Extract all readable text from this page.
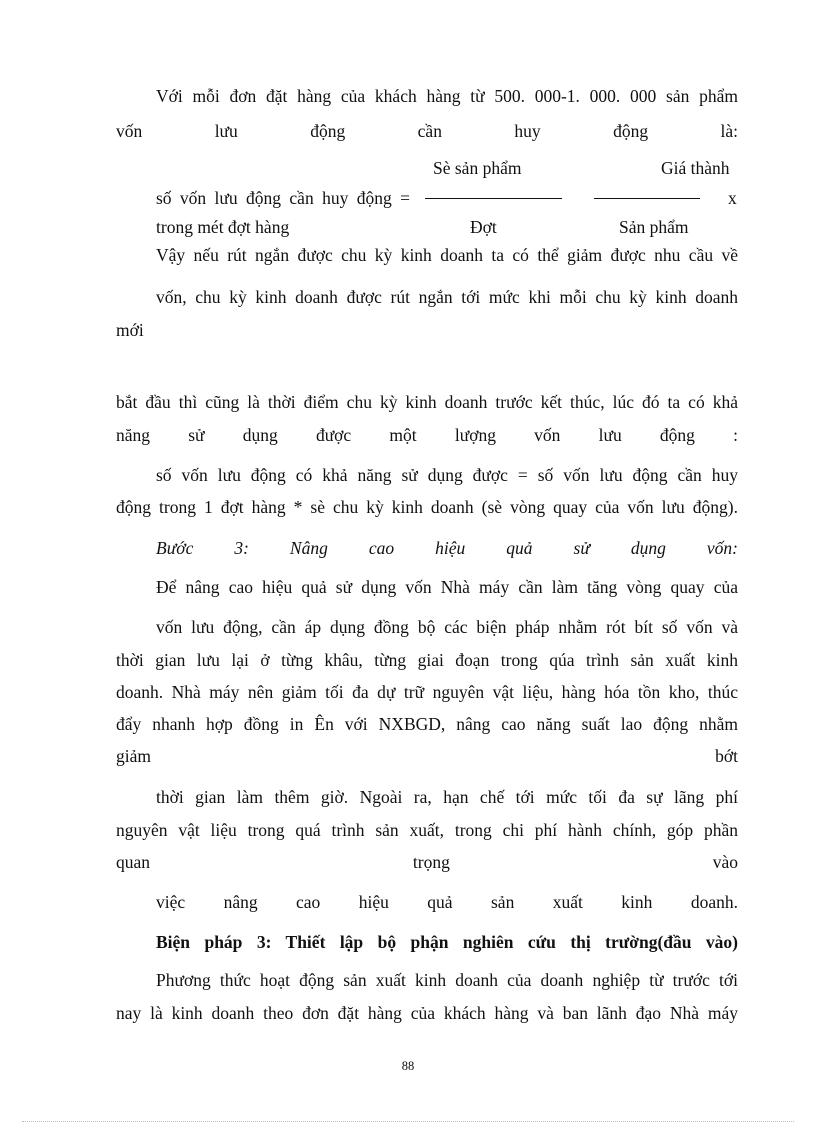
Với mỗi đơn đặt hàng của khách hàng từ 500. 000-1. 000. 000 sản phẩm
vốn lưu động cần huy động là:
Sè sản phẩm	Giá thành
số vốn lưu động cần huy động =	x
trong mét đợt hàng	Đợt	Sản phẩm
Vậy nếu rút ngắn được chu kỳ kinh doanh ta có thể giảm được nhu cầu về
vốn, chu kỳ kinh doanh được rút ngắn tới mức khi mỗi chu kỳ kinh doanh
mới
bắt đầu thì cũng là thời điểm chu kỳ kinh doanh trước kết thúc, lúc đó ta có khả
năng sử dụng được một lượng vốn lưu động :
số vốn lưu động có khả năng sử dụng được = số vốn lưu động cần huy
động trong 1 đợt hàng * sè chu kỳ kinh doanh (sè vòng quay của vốn lưu động).
Bước 3: Nâng cao hiệu quả sử dụng vốn:
Để nâng cao hiệu quả sử dụng vốn Nhà máy cần làm tăng vòng quay của
vốn lưu động, cần áp dụng đồng bộ các biện pháp nhằm rót bít số vốn và
thời gian lưu lại ở từng khâu, từng giai đoạn trong qúa trình sản xuất kinh
doanh. Nhà máy nên giảm tối đa dự trữ nguyên vật liệu, hàng hóa tồn kho, thúc
đẩy nhanh hợp đồng in Ên với NXBGD, nâng cao năng suất lao động nhằm
giảm bớt
thời gian làm thêm giờ. Ngoài ra, hạn chế tới mức tối đa sự lãng phí
nguyên vật liệu trong quá trình sản xuất, trong chi phí hành chính, góp phần
quan trọng vào
việc nâng cao hiệu quả sản xuất kinh doanh.
Biện pháp 3: Thiết lập bộ phận nghiên cứu thị trường(đầu vào)
Phương thức hoạt động sản xuất kinh doanh của doanh nghiệp từ trước tới
nay là kinh doanh theo đơn đặt hàng của khách hàng và ban lãnh đạo Nhà máy
88
